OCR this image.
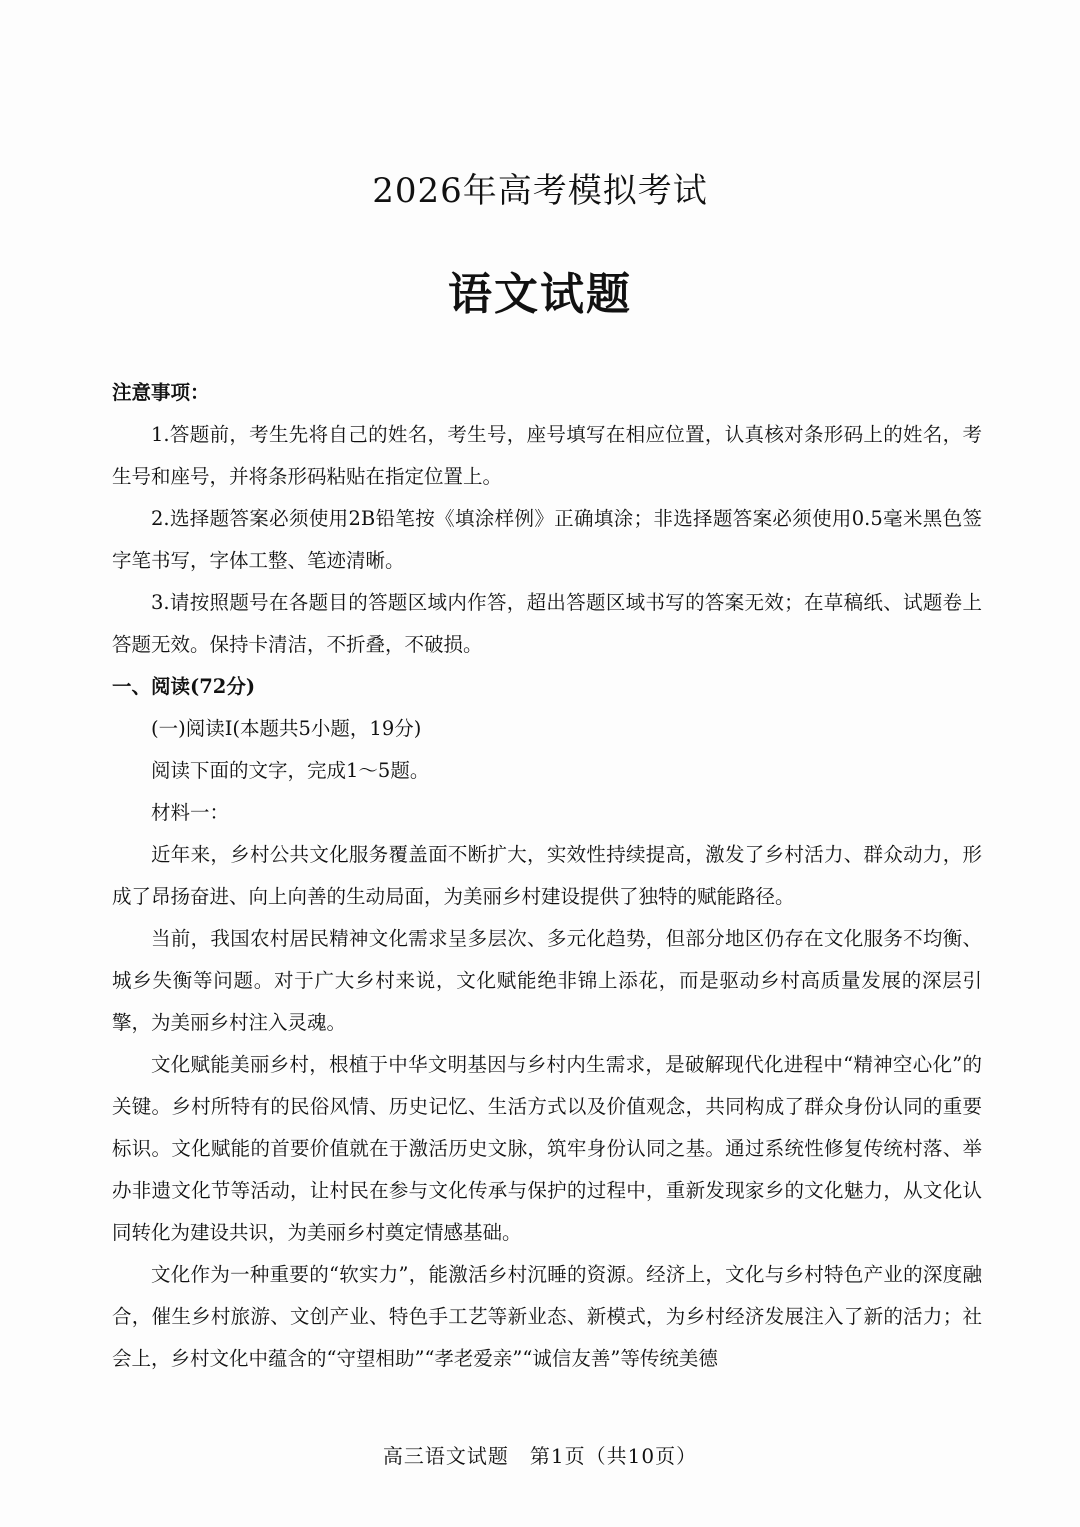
2026年高考模拟考试
语文试题

注意事项：

1.答题前，考生先将自己的姓名，考生号，座号填写在相应位置，认真核对条形码上的姓名，考生号和座号，并将条形码粘贴在指定位置上。

2.选择题答案必须使用2B铅笔按《填涂样例》正确填涂；非选择题答案必须使用0.5毫米黑色签字笔书写，字体工整、笔迹清晰。

3.请按照题号在各题目的答题区域内作答，超出答题区域书写的答案无效；在草稿纸、试题卷上答题无效。保持卡清洁，不折叠，不破损。

一、阅读(72分)

(一)阅读Ⅰ(本题共5小题，19分)

阅读下面的文字，完成1～5题。

材料一：

近年来，乡村公共文化服务覆盖面不断扩大，实效性持续提高，激发了乡村活力、群众动力，形成了昂扬奋进、向上向善的生动局面，为美丽乡村建设提供了独特的赋能路径。

当前，我国农村居民精神文化需求呈多层次、多元化趋势，但部分地区仍存在文化服务不均衡、城乡失衡等问题。对于广大乡村来说，文化赋能绝非锦上添花，而是驱动乡村高质量发展的深层引擎，为美丽乡村注入灵魂。

文化赋能美丽乡村，根植于中华文明基因与乡村内生需求，是破解现代化进程中“精神空心化”的关键。乡村所特有的民俗风情、历史记忆、生活方式以及价值观念，共同构成了群众身份认同的重要标识。文化赋能的首要价值就在于激活历史文脉，筑牢身份认同之基。通过系统性修复传统村落、举办非遗文化节等活动，让村民在参与文化传承与保护的过程中，重新发现家乡的文化魅力，从文化认同转化为建设共识，为美丽乡村奠定情感基础。

文化作为一种重要的“软实力”，能激活乡村沉睡的资源。经济上，文化与乡村特色产业的深度融合，催生乡村旅游、文创产业、特色手工艺等新业态、新模式，为乡村经济发展注入了新的活力；社会上，乡村文化中蕴含的“守望相助”“孝老爱亲”“诚信友善”等传统美德

高三语文试题　第1页（共10页）
